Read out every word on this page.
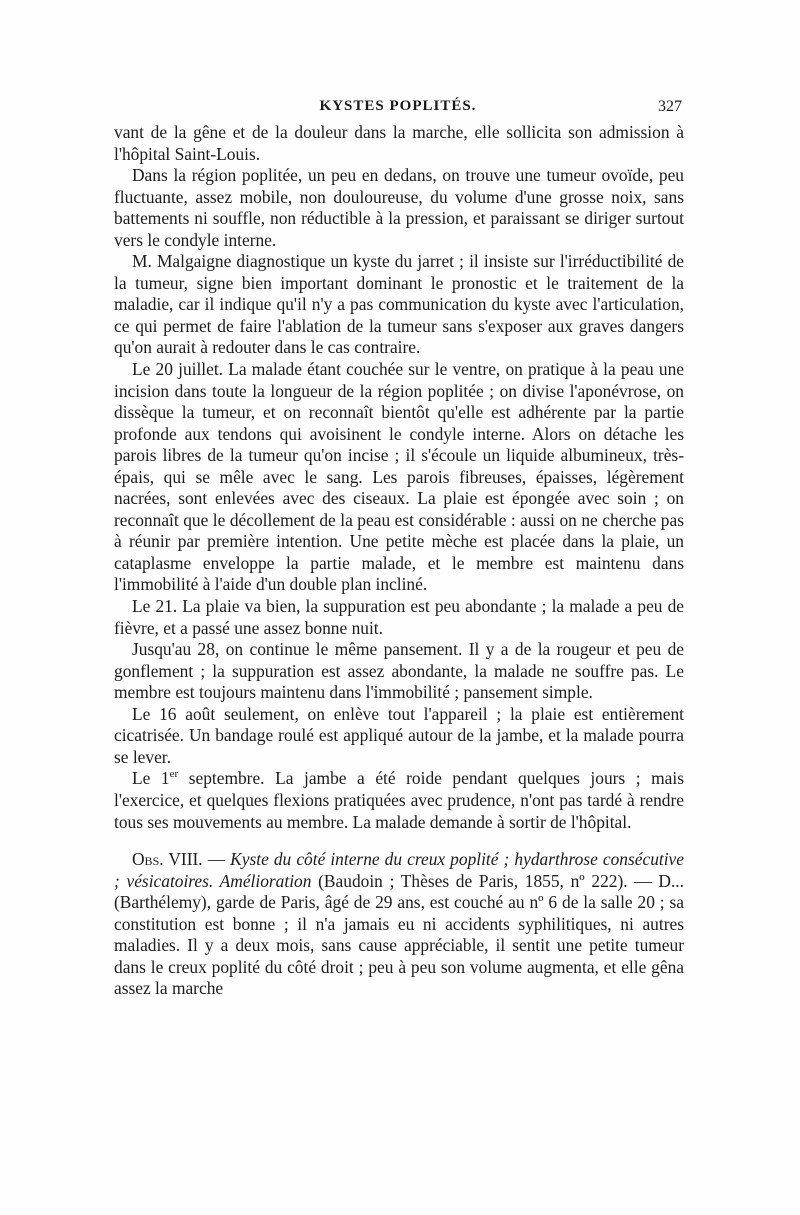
KYSTES POPLITÉS.	327

vant de la gêne et de la douleur dans la marche, elle sollicita son admission à l'hôpital Saint-Louis.

Dans la région poplitée, un peu en dedans, on trouve une tumeur ovoïde, peu fluctuante, assez mobile, non douloureuse, du volume d'une grosse noix, sans battements ni souffle, non réductible à la pression, et paraissant se diriger surtout vers le condyle interne.

M. Malgaigne diagnostique un kyste du jarret ; il insiste sur l'irréductibilité de la tumeur, signe bien important dominant le pronostic et le traitement de la maladie, car il indique qu'il n'y a pas communication du kyste avec l'articulation, ce qui permet de faire l'ablation de la tumeur sans s'exposer aux graves dangers qu'on aurait à redouter dans le cas contraire.

Le 20 juillet. La malade étant couchée sur le ventre, on pratique à la peau une incision dans toute la longueur de la région poplitée ; on divise l'aponévrose, on dissèque la tumeur, et on reconnaît bientôt qu'elle est adhérente par la partie profonde aux tendons qui avoisinent le condyle interne. Alors on détache les parois libres de la tumeur qu'on incise ; il s'écoule un liquide albumineux, très-épais, qui se mêle avec le sang. Les parois fibreuses, épaisses, légèrement nacrées, sont enlevées avec des ciseaux. La plaie est épongée avec soin ; on reconnaît que le décollement de la peau est considérable : aussi on ne cherche pas à réunir par première intention. Une petite mèche est placée dans la plaie, un cataplasme enveloppe la partie malade, et le membre est maintenu dans l'immobilité à l'aide d'un double plan incliné.

Le 21. La plaie va bien, la suppuration est peu abondante ; la malade a peu de fièvre, et a passé une assez bonne nuit.

Jusqu'au 28, on continue le même pansement. Il y a de la rougeur et peu de gonflement ; la suppuration est assez abondante, la malade ne souffre pas. Le membre est toujours maintenu dans l'immobilité ; pansement simple.

Le 16 août seulement, on enlève tout l'appareil ; la plaie est entièrement cicatrisée. Un bandage roulé est appliqué autour de la jambe, et la malade pourra se lever.

Le 1er septembre. La jambe a été roide pendant quelques jours ; mais l'exercice, et quelques flexions pratiquées avec prudence, n'ont pas tardé à rendre tous ses mouvements au membre. La malade demande à sortir de l'hôpital.

Obs. VIII. — Kyste du côté interne du creux poplité ; hydarthrose consécutive ; vésicatoires. Amélioration (Baudoin ; Thèses de Paris, 1855, nº 222). — D... (Barthélemy), garde de Paris, âgé de 29 ans, est couché au nº 6 de la salle 20 ; sa constitution est bonne ; il n'a jamais eu ni accidents syphilitiques, ni autres maladies. Il y a deux mois, sans cause appréciable, il sentit une petite tumeur dans le creux poplité du côté droit ; peu à peu son volume augmenta, et elle gêna assez la marche
